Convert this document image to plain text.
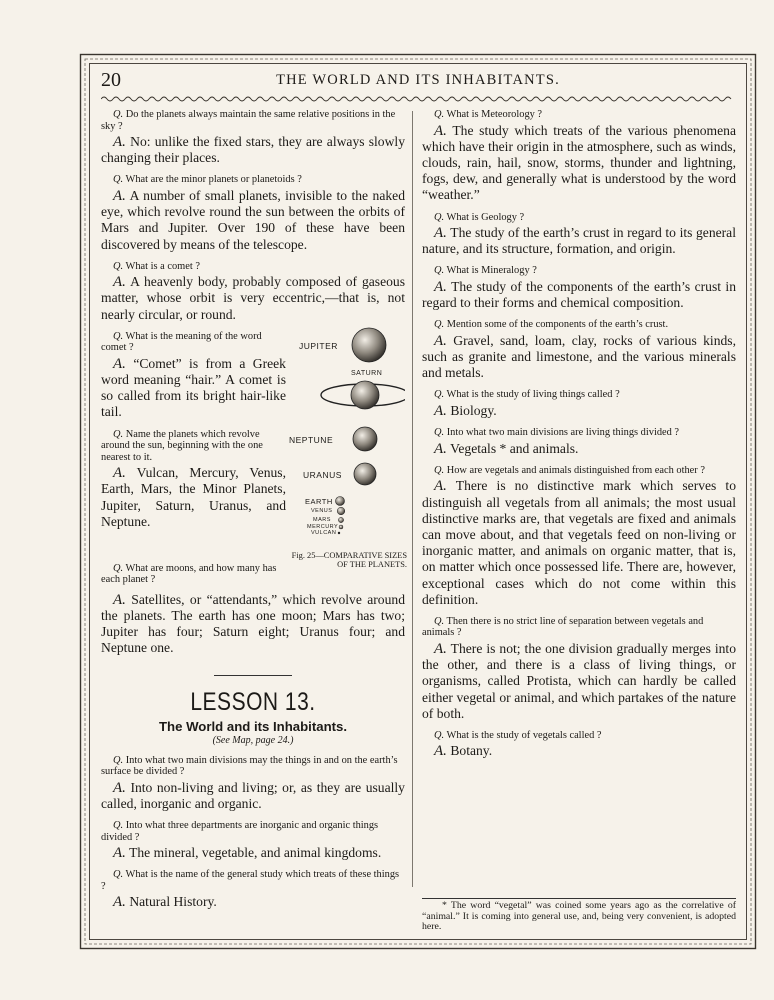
20	THE WORLD AND ITS INHABITANTS.

Q. Do the planets always maintain the same relative positions in the sky ?

A. No: unlike the fixed stars, they are always slowly changing their places.

Q. What are the minor planets or planetoids ?

A. A number of small planets, invisible to the naked eye, which revolve round the sun between the orbits of Mars and Jupiter. Over 190 of these have been discovered by means of the telescope.

Q. What is a comet ?

A. A heavenly body, probably composed of gaseous matter, whose orbit is very eccentric,—that is, not nearly circular, or round.

Q. What is the meaning of the word comet ?

A. “Comet” is from a Greek word meaning “hair.” A comet is so called from its bright hair-like tail.

Q. Name the planets which revolve around the sun, beginning with the one nearest to it.

A. Vulcan, Mercury, Venus, Earth, Mars, the Minor Planets, Jupiter, Saturn, Uranus, and Neptune.

JUPITER
SATURN
NEPTUNE
URANUS
EARTH
VENUS
MARS
MERCURY
VULCAN
Fig. 25—COMPARATIVE SIZES OF THE PLANETS.

Q. What are moons, and how many has each planet ?

A. Satellites, or “attendants,” which revolve around the planets. The earth has one moon; Mars has two; Jupiter has four; Saturn eight; Uranus four; and Neptune one.

LESSON 13.
The World and its Inhabitants.
(See Map, page 24.)

Q. Into what two main divisions may the things in and on the earth’s surface be divided ?

A. Into non-living and living; or, as they are usually called, inorganic and organic.

Q. Into what three departments are inorganic and organic things divided ?

A. The mineral, vegetable, and animal kingdoms.

Q. What is the name of the general study which treats of these things ?

A. Natural History.

Q. What is Meteorology ?

A. The study which treats of the various phenomena which have their origin in the atmosphere, such as winds, clouds, rain, hail, snow, storms, thunder and lightning, fogs, dew, and generally what is understood by the word “weather.”

Q. What is Geology ?

A. The study of the earth’s crust in regard to its general nature, and its structure, formation, and origin.

Q. What is Mineralogy ?

A. The study of the components of the earth’s crust in regard to their forms and chemical composition.

Q. Mention some of the components of the earth’s crust.

A. Gravel, sand, loam, clay, rocks of various kinds, such as granite and limestone, and the various minerals and metals.

Q. What is the study of living things called ?

A. Biology.

Q. Into what two main divisions are living things divided ?

A. Vegetals * and animals.

Q. How are vegetals and animals distinguished from each other ?

A. There is no distinctive mark which serves to distinguish all vegetals from all animals; the most usual distinctive marks are, that vegetals are fixed and animals can move about, and that vegetals feed on non-living or inorganic matter, and animals on organic matter, that is, on matter which once possessed life. There are, however, exceptional cases which do not come within this definition.

Q. Then there is no strict line of separation between vegetals and animals ?

A. There is not; the one division gradually merges into the other, and there is a class of living things, or organisms, called Protista, which can hardly be called either vegetal or animal, and which partakes of the nature of both.

Q. What is the study of vegetals called ?

A. Botany.

* The word “vegetal” was coined some years ago as the correlative of “animal.” It is coming into general use, and, being very convenient, is adopted here.
